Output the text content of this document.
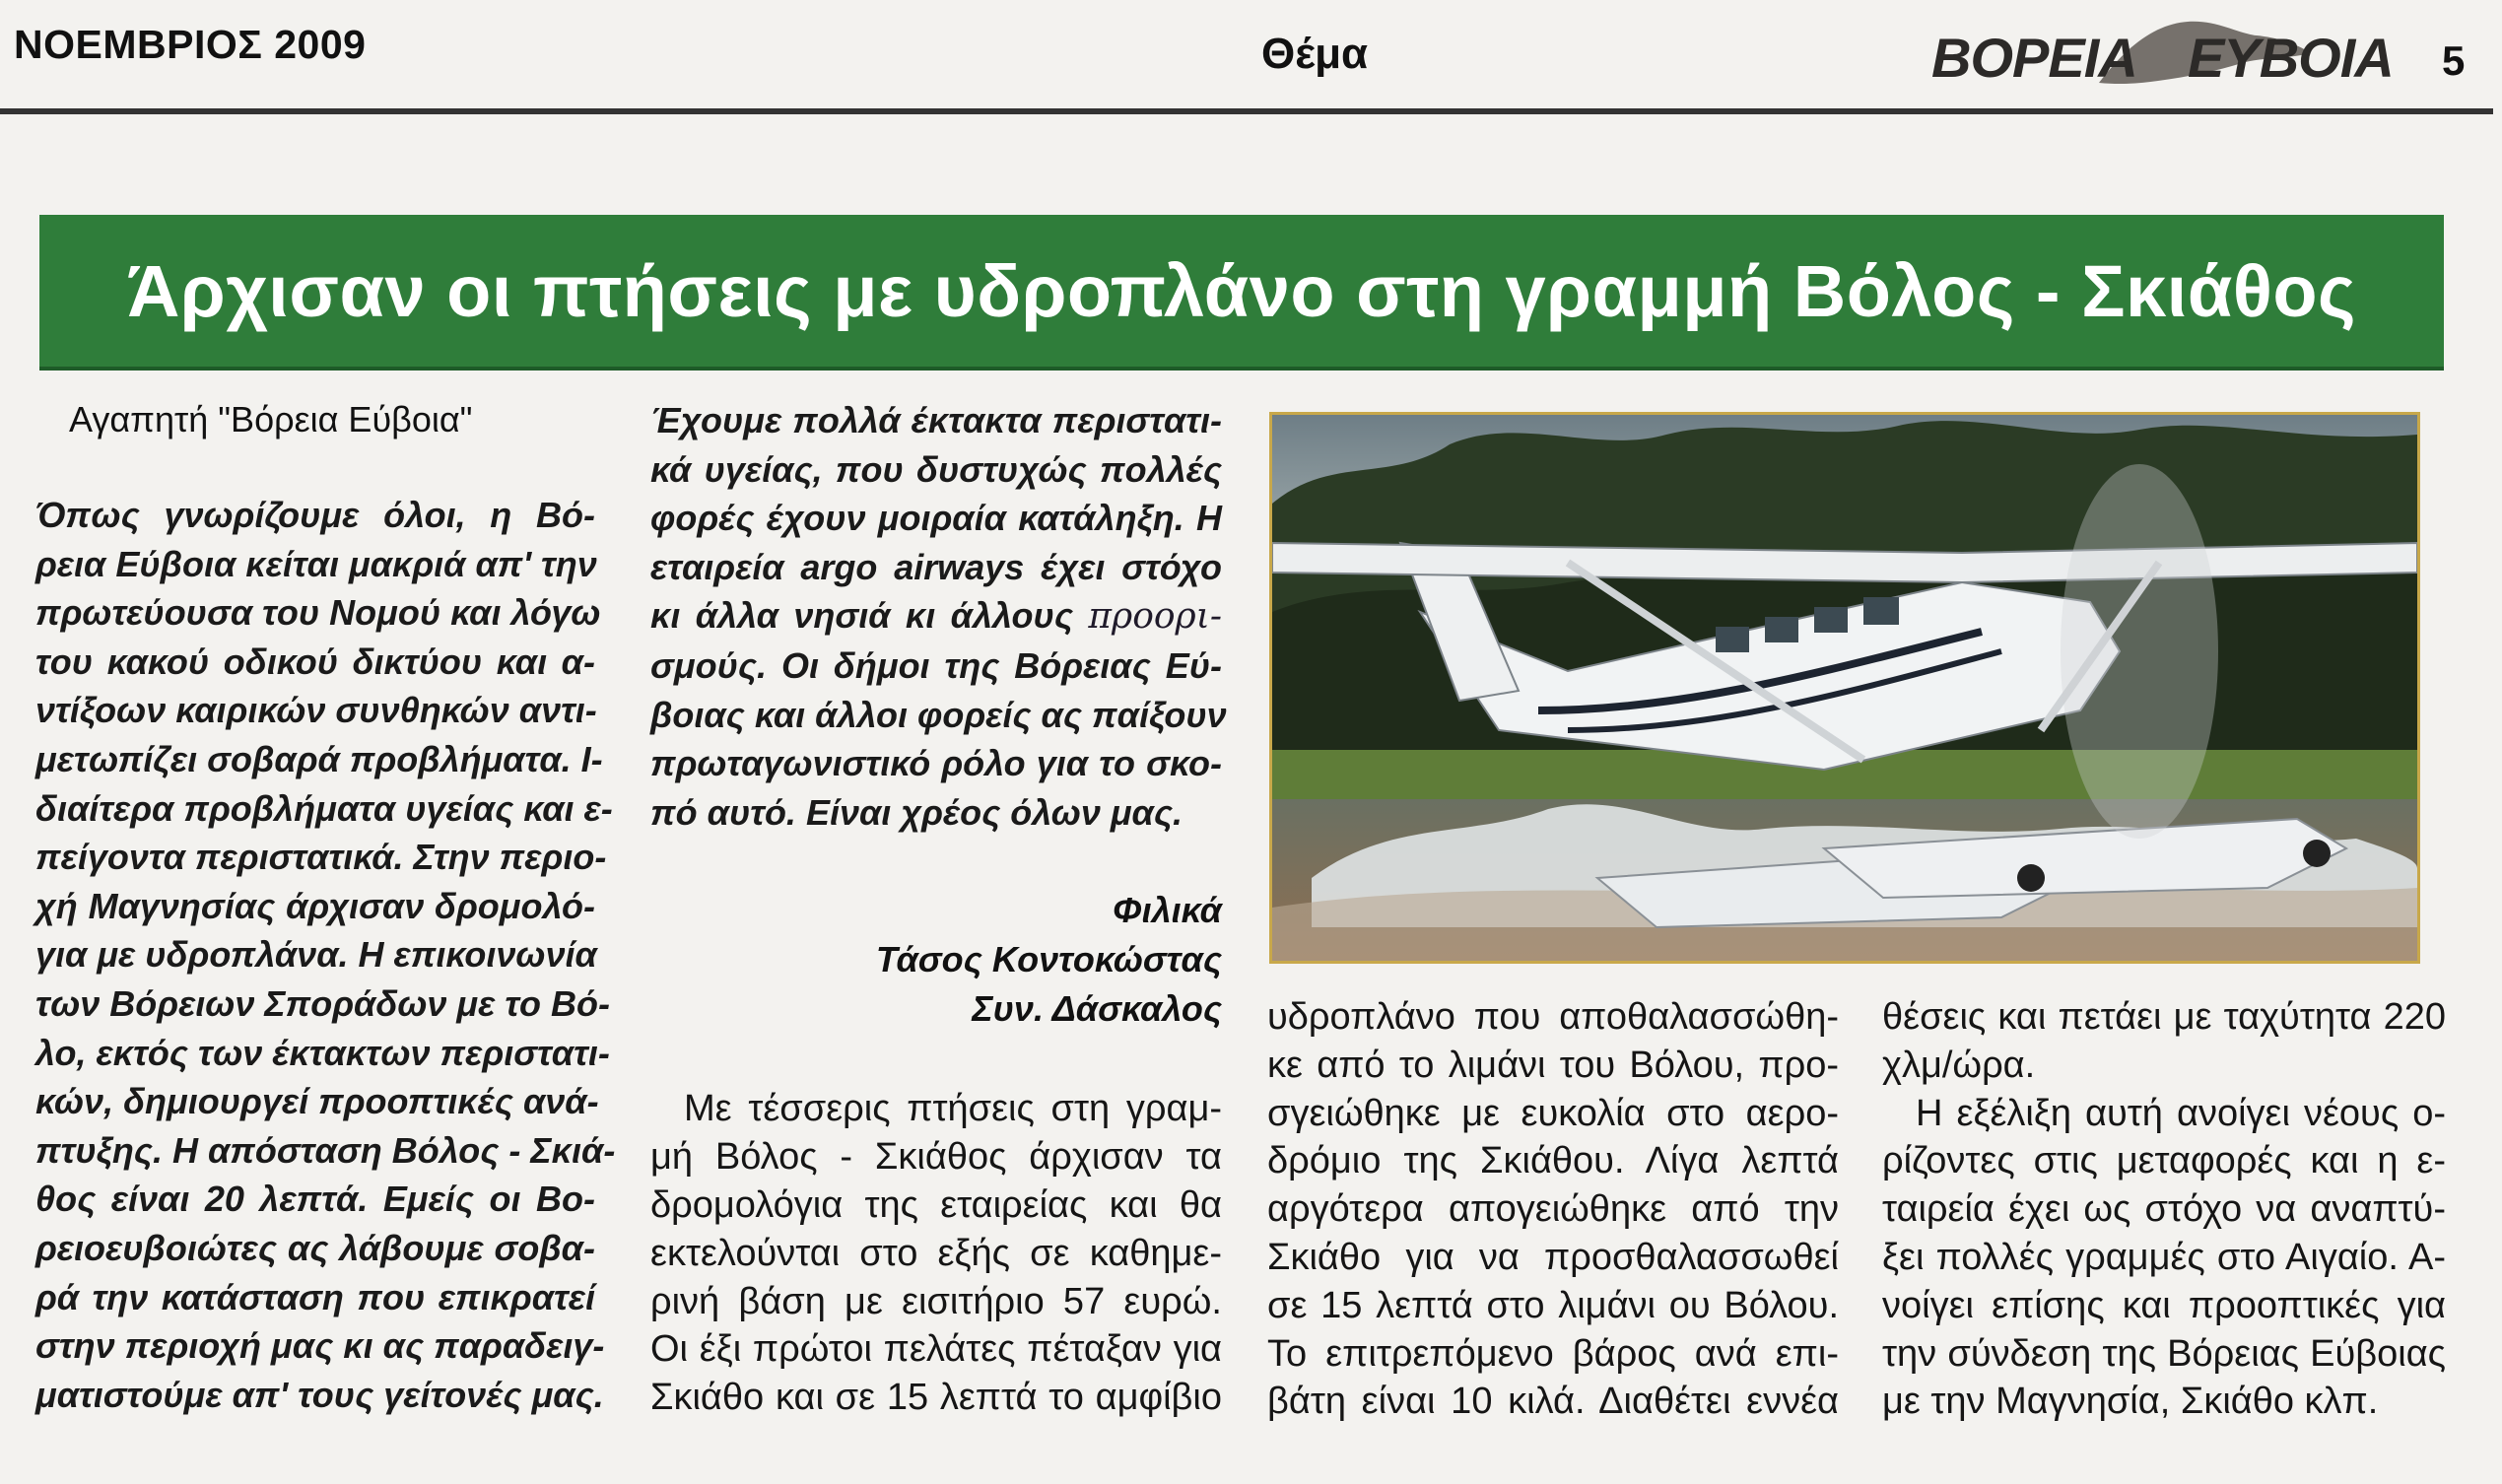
ΝΟΕΜΒΡΙΟΣ 2009	Θέμα	ΒΟΡΕΙΑ ΕΥΒΟΙΑ 5
Άρχισαν οι πτήσεις με υδροπλάνο στη γραμμή Βόλος - Σκιάθος
Αγαπητή "Βόρεια Εύβοια"
Όπως γνωρίζουμε όλοι, η Βό-
ρεια Εύβοια κείται μακριά απ' την
πρωτεύουσα του Νομού και λόγω
του κακού οδικού δικτύου και α-
ντίξοων καιρικών συνθηκών αντι-
μετωπίζει σοβαρά προβλήματα. Ι-
διαίτερα προβλήματα υγείας και ε-
πείγοντα περιστατικά. Στην περιο-
χή Μαγνησίας άρχισαν δρομολό-
για με υδροπλάνα. Η επικοινωνία
των Βόρειων Σποράδων με το Βό-
λο, εκτός των έκτακτων περιστατι-
κών, δημιουργεί προοπτικές ανά-
πτυξης. Η απόσταση Βόλος - Σκιά-
θος είναι 20 λεπτά. Εμείς οι Βο-
ρειοευβοιώτες ας λάβουμε σοβα-
ρά την κατάσταση που επικρατεί
στην περιοχή μας κι ας παραδειγ-
ματιστούμε απ' τους γείτονές μας.
Έχουμε πολλά έκτακτα περιστατι-
κά υγείας, που δυστυχώς πολλές
φορές έχουν μοιραία κατάληξη. Η
εταιρεία argo airways έχει στόχο
κι άλλα νησιά κι άλλους προορι-
σμούς. Οι δήμοι της Βόρειας Εύ-
βοιας και άλλοι φορείς ας παίξουν
πρωταγωνιστικό ρόλο για το σκο-
πό αυτό. Είναι χρέος όλων μας.
Φιλικά
Τάσος Κοντοκώστας
Συν. Δάσκαλος
Με τέσσερις πτήσεις στη γραμ-
μή Βόλος - Σκιάθος άρχισαν τα
δρομολόγια της εταιρείας και θα
εκτελούνται στο εξής σε καθημε-
ρινή βάση με εισιτήριο 57 ευρώ.
Οι έξι πρώτοι πελάτες πέταξαν για
Σκιάθο και σε 15 λεπτά το αμφίβιο
υδροπλάνο που αποθαλασσώθη-
κε από το λιμάνι του Βόλου, προ-
σγειώθηκε με ευκολία στο αερο-
δρόμιο της Σκιάθου. Λίγα λεπτά
αργότερα απογειώθηκε από την
Σκιάθο για να προσθαλασσωθεί
σε 15 λεπτά στο λιμάνι ου Βόλου.
Το επιτρεπόμενο βάρος ανά επι-
βάτη είναι 10 κιλά. Διαθέτει εννέα
θέσεις και πετάει με ταχύτητα 220
χλμ/ώρα.
Η εξέλιξη αυτή ανοίγει νέους ο-
ρίζοντες στις μεταφορές και η ε-
ταιρεία έχει ως στόχο να αναπτύ-
ξει πολλές γραμμές στο Αιγαίο. Α-
νοίγει επίσης και προοπτικές για
την σύνδεση της Βόρειας Εύβοιας
με την Μαγνησία, Σκιάθο κλπ.
